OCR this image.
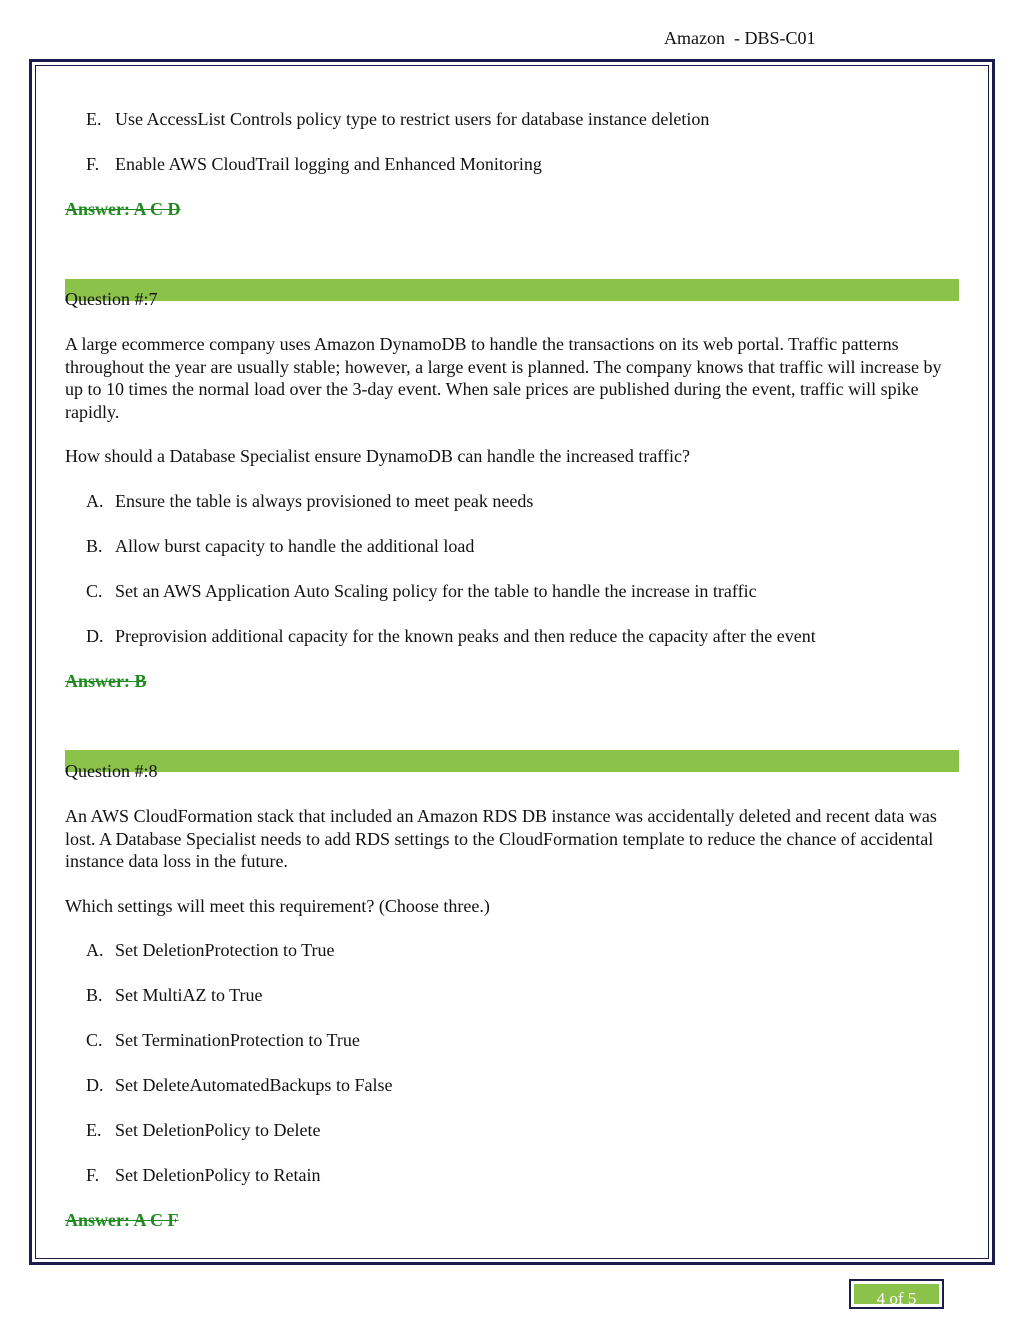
Amazon  - DBS-C01
E. Use AccessList Controls policy type to restrict users for database instance deletion
F. Enable AWS CloudTrail logging and Enhanced Monitoring
Answer: A C D
Question #:7
A large ecommerce company uses Amazon DynamoDB to handle the transactions on its web portal. Traffic patterns throughout the year are usually stable; however, a large event is planned. The company knows that traffic will increase by up to 10 times the normal load over the 3-day event. When sale prices are published during the event, traffic will spike rapidly.
How should a Database Specialist ensure DynamoDB can handle the increased traffic?
A. Ensure the table is always provisioned to meet peak needs
B. Allow burst capacity to handle the additional load
C. Set an AWS Application Auto Scaling policy for the table to handle the increase in traffic
D. Preprovision additional capacity for the known peaks and then reduce the capacity after the event
Answer: B
Question #:8
An AWS CloudFormation stack that included an Amazon RDS DB instance was accidentally deleted and recent data was lost. A Database Specialist needs to add RDS settings to the CloudFormation template to reduce the chance of accidental instance data loss in the future.
Which settings will meet this requirement? (Choose three.)
A. Set DeletionProtection to True
B. Set MultiAZ to True
C. Set TerminationProtection to True
D. Set DeleteAutomatedBackups to False
E. Set DeletionPolicy to Delete
F. Set DeletionPolicy to Retain
Answer: A C F
4 of 5
